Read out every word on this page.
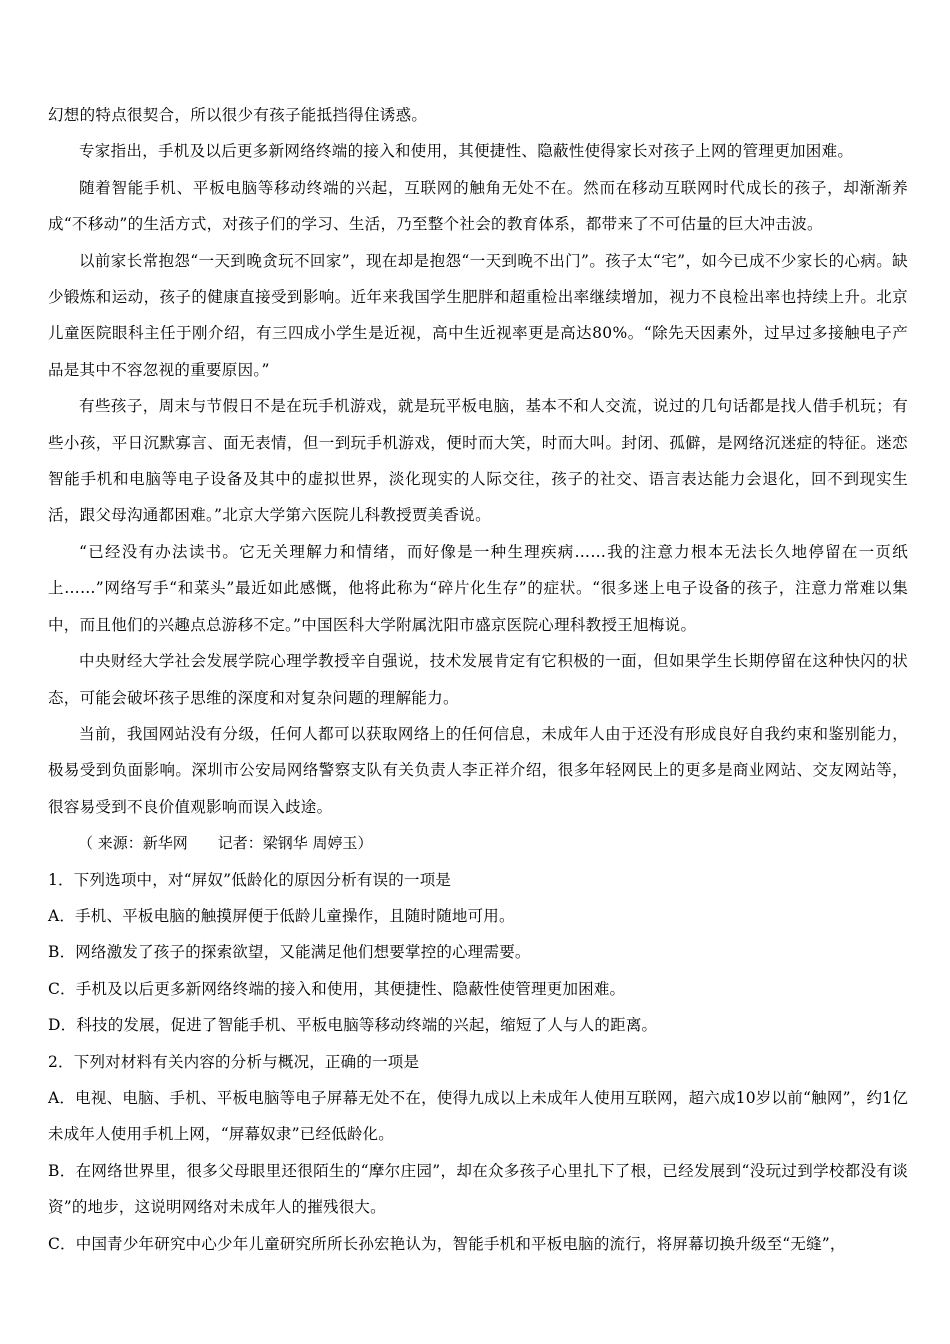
幻想的特点很契合，所以很少有孩子能抵挡得住诱惑。

专家指出，手机及以后更多新网络终端的接入和使用，其便捷性、隐蔽性使得家长对孩子上网的管理更加困难。

随着智能手机、平板电脑等移动终端的兴起，互联网的触角无处不在。然而在移动互联网时代成长的孩子，却渐渐养成“不移动”的生活方式，对孩子们的学习、生活，乃至整个社会的教育体系，都带来了不可估量的巨大冲击波。

以前家长常抱怨“一天到晚贪玩不回家”，现在却是抱怨“一天到晚不出门”。孩子太“宅”，如今已成不少家长的心病。缺少锻炼和运动，孩子的健康直接受到影响。近年来我国学生肥胖和超重检出率继续增加，视力不良检出率也持续上升。北京儿童医院眼科主任于刚介绍，有三四成小学生是近视，高中生近视率更是高达80%。“除先天因素外，过早过多接触电子产品是其中不容忽视的重要原因。”

有些孩子，周末与节假日不是在玩手机游戏，就是玩平板电脑，基本不和人交流，说过的几句话都是找人借手机玩；有些小孩，平日沉默寡言、面无表情，但一到玩手机游戏，便时而大笑，时而大叫。封闭、孤僻，是网络沉迷症的特征。迷恋智能手机和电脑等电子设备及其中的虚拟世界，淡化现实的人际交往，孩子的社交、语言表达能力会退化，回不到现实生活，跟父母沟通都困难。”北京大学第六医院儿科教授贾美香说。

“已经没有办法读书。它无关理解力和情绪，而好像是一种生理疾病……我的注意力根本无法长久地停留在一页纸上……”网络写手“和菜头”最近如此感慨，他将此称为“碎片化生存”的症状。“很多迷上电子设备的孩子，注意力常难以集中，而且他们的兴趣点总游移不定。”中国医科大学附属沈阳市盛京医院心理科教授王旭梅说。

中央财经大学社会发展学院心理学教授辛自强说，技术发展肯定有它积极的一面，但如果学生长期停留在这种快闪的状态，可能会破坏孩子思维的深度和对复杂问题的理解能力。

当前，我国网站没有分级，任何人都可以获取网络上的任何信息，未成年人由于还没有形成良好自我约束和鉴别能力，极易受到负面影响。深圳市公安局网络警察支队有关负责人李正祥介绍，很多年轻网民上的更多是商业网站、交友网站等，很容易受到不良价值观影响而误入歧途。

（ 来源：新华网　　记者：梁钢华 周婷玉）

1．下列选项中，对“屏奴”低龄化的原因分析有误的一项是

A．手机、平板电脑的触摸屏便于低龄儿童操作，且随时随地可用。

B．网络激发了孩子的探索欲望，又能满足他们想要掌控的心理需要。

C．手机及以后更多新网络终端的接入和使用，其便捷性、隐蔽性使管理更加困难。

D．科技的发展，促进了智能手机、平板电脑等移动终端的兴起，缩短了人与人的距离。

2．下列对材料有关内容的分析与概况，正确的一项是

A．电视、电脑、手机、平板电脑等电子屏幕无处不在，使得九成以上未成年人使用互联网，超六成10岁以前“触网”，约1亿未成年人使用手机上网，“屏幕奴隶”已经低龄化。

B．在网络世界里，很多父母眼里还很陌生的“摩尔庄园”，却在众多孩子心里扎下了根，已经发展到“没玩过到学校都没有谈资”的地步，这说明网络对未成年人的摧残很大。

C．中国青少年研究中心少年儿童研究所所长孙宏艳认为，智能手机和平板电脑的流行，将屏幕切换升级至“无缝”，
